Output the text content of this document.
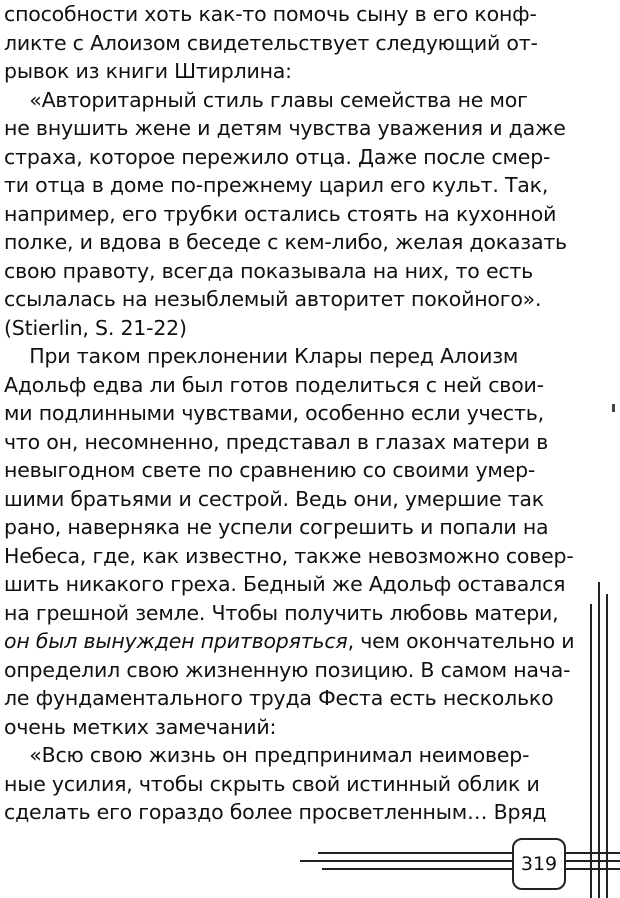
способности хоть как-то помочь сыну в его конф-
ликте с Алоизом свидетельствует следующий от-
рывок из книги Штирлина:
«Авторитарный стиль главы семейства не мог
не внушить жене и детям чувства уважения и даже
страха, которое пережило отца. Даже после смер-
ти отца в доме по-прежнему царил его культ. Так,
например, его трубки остались стоять на кухонной
полке, и вдова в беседе с кем-либо, желая доказать
свою правоту, всегда показывала на них, то есть
ссылалась на незыблемый авторитет покойного».
(Stierlin, S. 21-22)
При таком преклонении Клары перед Алоизм
Адольф едва ли был готов поделиться с ней свои-
ми подлинными чувствами, особенно если учесть,
что он, несомненно, представал в глазах матери в
невыгодном свете по сравнению со своими умер-
шими братьями и сестрой. Ведь они, умершие так
рано, наверняка не успели согрешить и попали на
Небеса, где, как известно, также невозможно совер-
шить никакого греха. Бедный же Адольф оставался
на грешной земле. Чтобы получить любовь матери,
он был вынужден притворяться, чем окончательно и
определил свою жизненную позицию. В самом нача-
ле фундаментального труда Феста есть несколько
очень метких замечаний:
«Всю свою жизнь он предпринимал неимовер-
ные усилия, чтобы скрыть свой истинный облик и
сделать его гораздо более просветленным… Вряд
319
